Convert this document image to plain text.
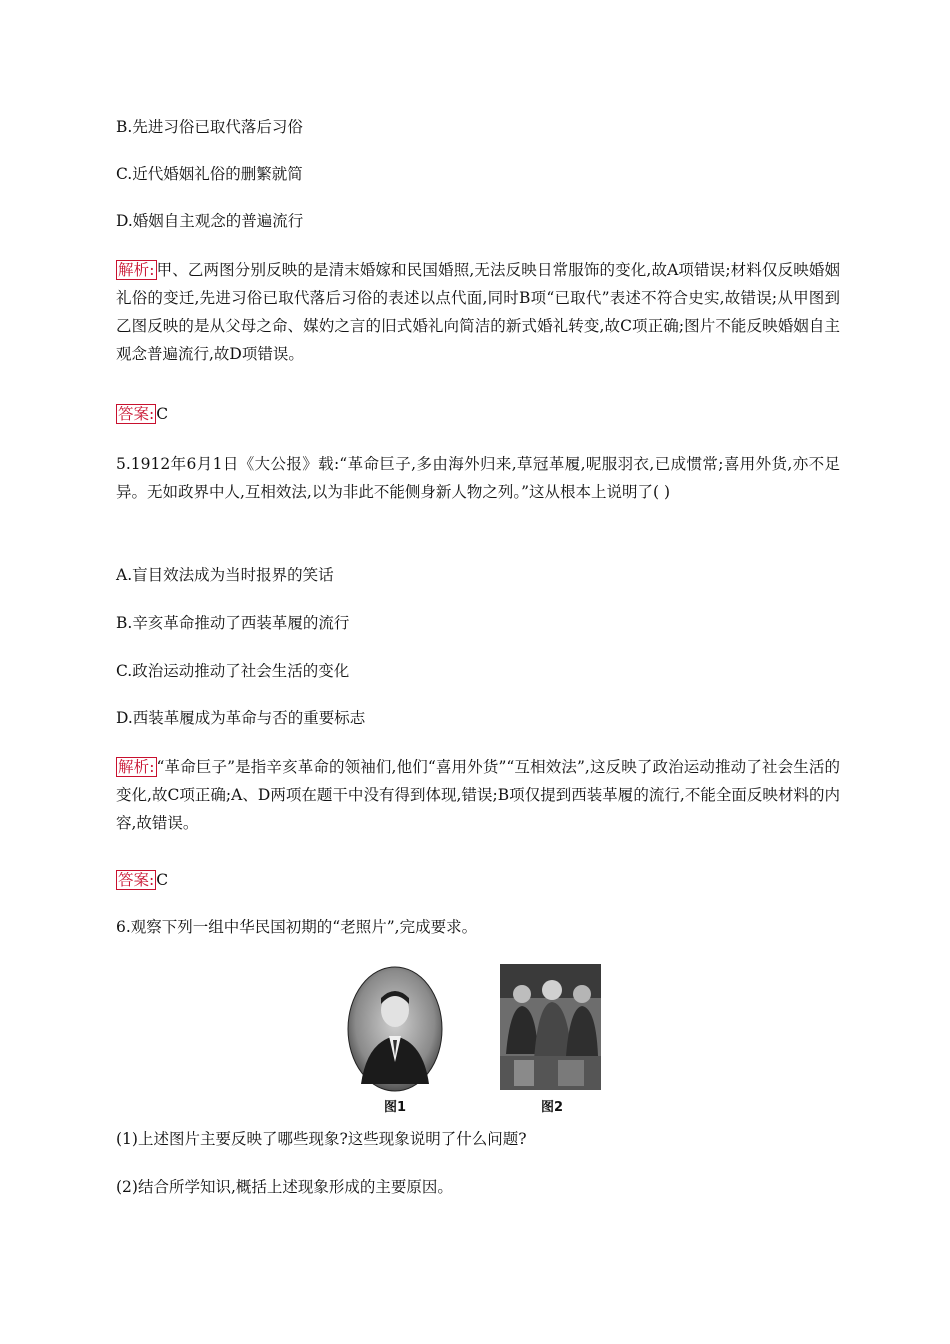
B.先进习俗已取代落后习俗
C.近代婚姻礼俗的删繁就简
D.婚姻自主观念的普遍流行
解析: 甲、乙两图分别反映的是清末婚嫁和民国婚照,无法反映日常服饰的变化,故A项错误;材料仅反映婚姻礼俗的变迁,先进习俗已取代落后习俗的表述以点代面,同时B项“已取代”表述不符合史实,故错误;从甲图到乙图反映的是从父母之命、媒妁之言的旧式婚礼向简洁的新式婚礼转变,故C项正确;图片不能反映婚姻自主观念普遍流行,故D项错误。
答案: C
5.1912年6月1日《大公报》载:“革命巨子,多由海外归来,草冠革履,呢服羽衣,已成惯常;喜用外货,亦不足异。无如政界中人,互相效法,以为非此不能侧身新人物之列。”这从根本上说明了( )
A.盲目效法成为当时报界的笑话
B.辛亥革命推动了西装革履的流行
C.政治运动推动了社会生活的变化
D.西装革履成为革命与否的重要标志
解析: “革命巨子”是指辛亥革命的领袖们,他们“喜用外货”“互相效法”,这反映了政治运动推动了社会生活的变化,故C项正确;A、D两项在题干中没有得到体现,错误;B项仅提到西装革履的流行,不能全面反映材料的内容,故错误。
答案: C
6.观察下列一组中华民国初期的“老照片”,完成要求。
图1	图2
(1)上述图片主要反映了哪些现象?这些现象说明了什么问题?
(2)结合所学知识,概括上述现象形成的主要原因。
